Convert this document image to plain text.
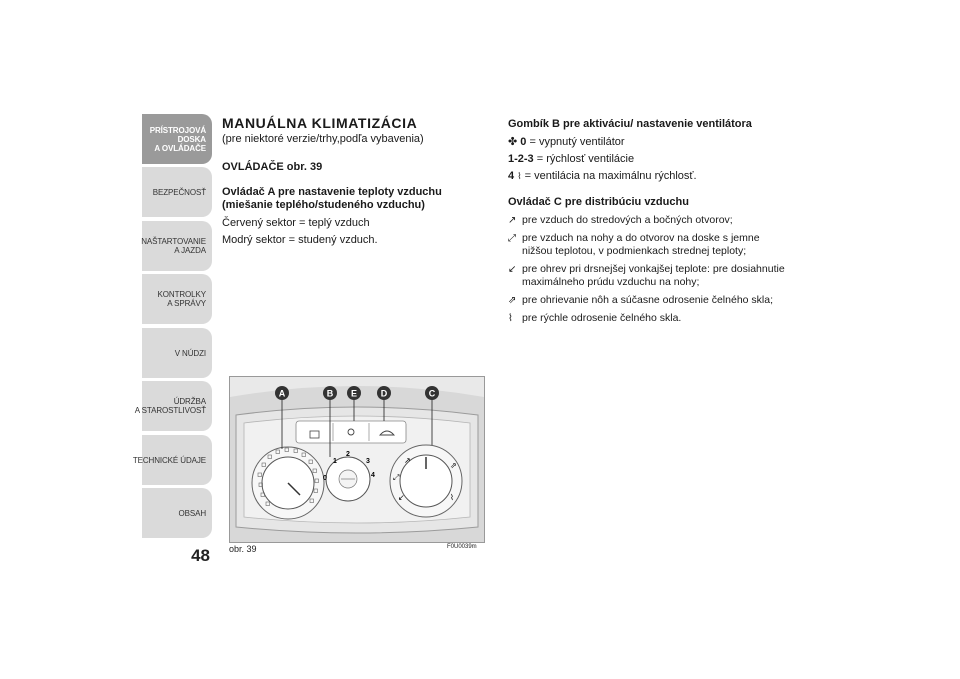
PRÍSTROJOVÁ
DOSKA
A OVLÁDAČE
BEZPEČNOSŤ
NAŠTARTOVANIE
A JAZDA
KONTROLKY
A SPRÁVY
V NÚDZI
ÚDRŽBA
A STAROSTLIVOSŤ
TECHNICKÉ ÚDAJE
OBSAH
48
MANUÁLNA KLIMATIZÁCIA
(pre niektoré verzie/trhy,podľa vybavenia)
OVLÁDAČE obr. 39
Ovládač A pre nastavenie teploty vzduchu
(miešanie teplého/studeného vzduchu)
Červený sektor = teplý vzduch
Modrý sektor = studený vzduch.
Gombík B pre aktiváciu/ nastavenie ventilátora
✤ 0 = vypnutý ventilátor
1-2-3 = rýchlosť ventilácie
4 ⌇ = ventilácia na maximálnu rýchlosť.
Ovládač C pre distribúciu vzduchu
↗ pre vzduch do stredových a bočných otvorov;
⤢ pre vzduch na nohy a do otvorov na doske s jemne nižšou teplotou, v podmienkach strednej teploty;
↙ pre ohrev pri drsnejšej vonkajšej teplote: pre dosiahnutie maximálneho prúdu vzduchu na nohy;
⇗ pre ohrievanie nôh a súčasne odrosenie čelného skla;
⌇ pre rýchle odrosenie čelného skla.
0
1
2
3
4
↗
⤢
↙
⇗
⌇
A	B E	D	C
obr. 39	F0U0039m
